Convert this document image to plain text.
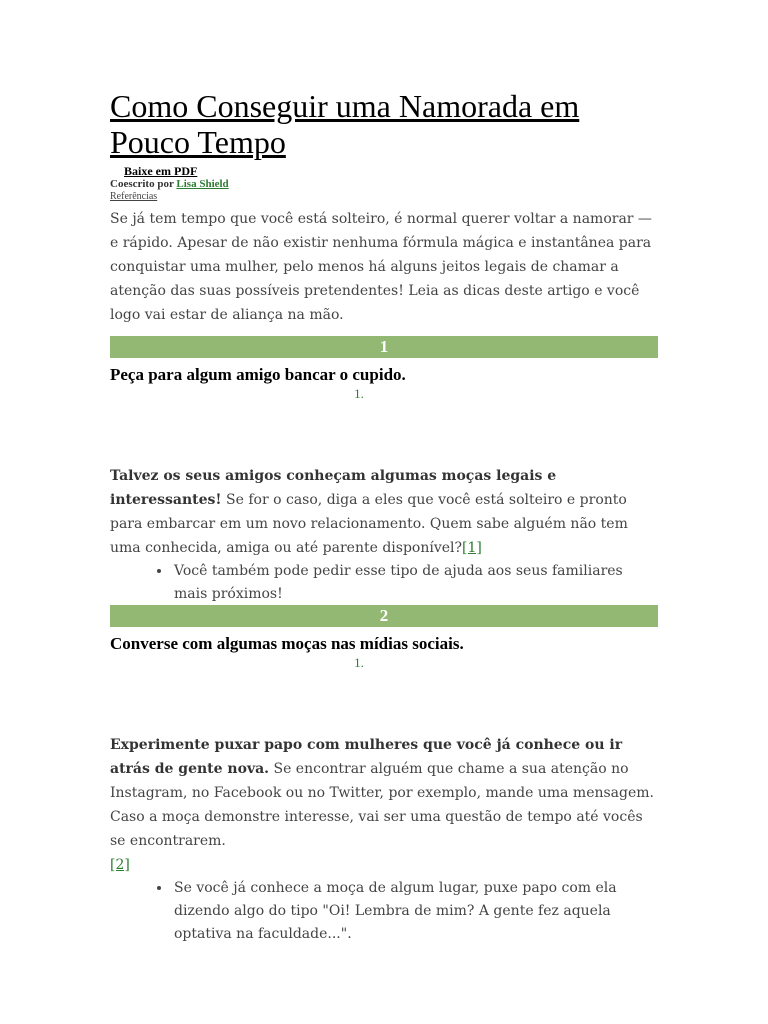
Como Conseguir uma Namorada em Pouco Tempo
Baixe em PDF
Coescrito por Lisa Shield
Referências

Se já tem tempo que você está solteiro, é normal querer voltar a namorar — e rápido. Apesar de não existir nenhuma fórmula mágica e instantânea para conquistar uma mulher, pelo menos há alguns jeitos legais de chamar a atenção das suas possíveis pretendentes! Leia as dicas deste artigo e você logo vai estar de aliança na mão.

1
Peça para algum amigo bancar o cupido.
1.

Talvez os seus amigos conheçam algumas moças legais e interessantes! Se for o caso, diga a eles que você está solteiro e pronto para embarcar em um novo relacionamento. Quem sabe alguém não tem uma conhecida, amiga ou até parente disponível?[1]

• Você também pode pedir esse tipo de ajuda aos seus familiares mais próximos!
2
Converse com algumas moças nas mídias sociais.
1.

Experimente puxar papo com mulheres que você já conhece ou ir atrás de gente nova. Se encontrar alguém que chame a sua atenção no Instagram, no Facebook ou no Twitter, por exemplo, mande uma mensagem. Caso a moça demonstre interesse, vai ser uma questão de tempo até vocês se encontrarem.
[2]

• Se você já conhece a moça de algum lugar, puxe papo com ela dizendo algo do tipo "Oi! Lembra de mim? A gente fez aquela optativa na faculdade...".
